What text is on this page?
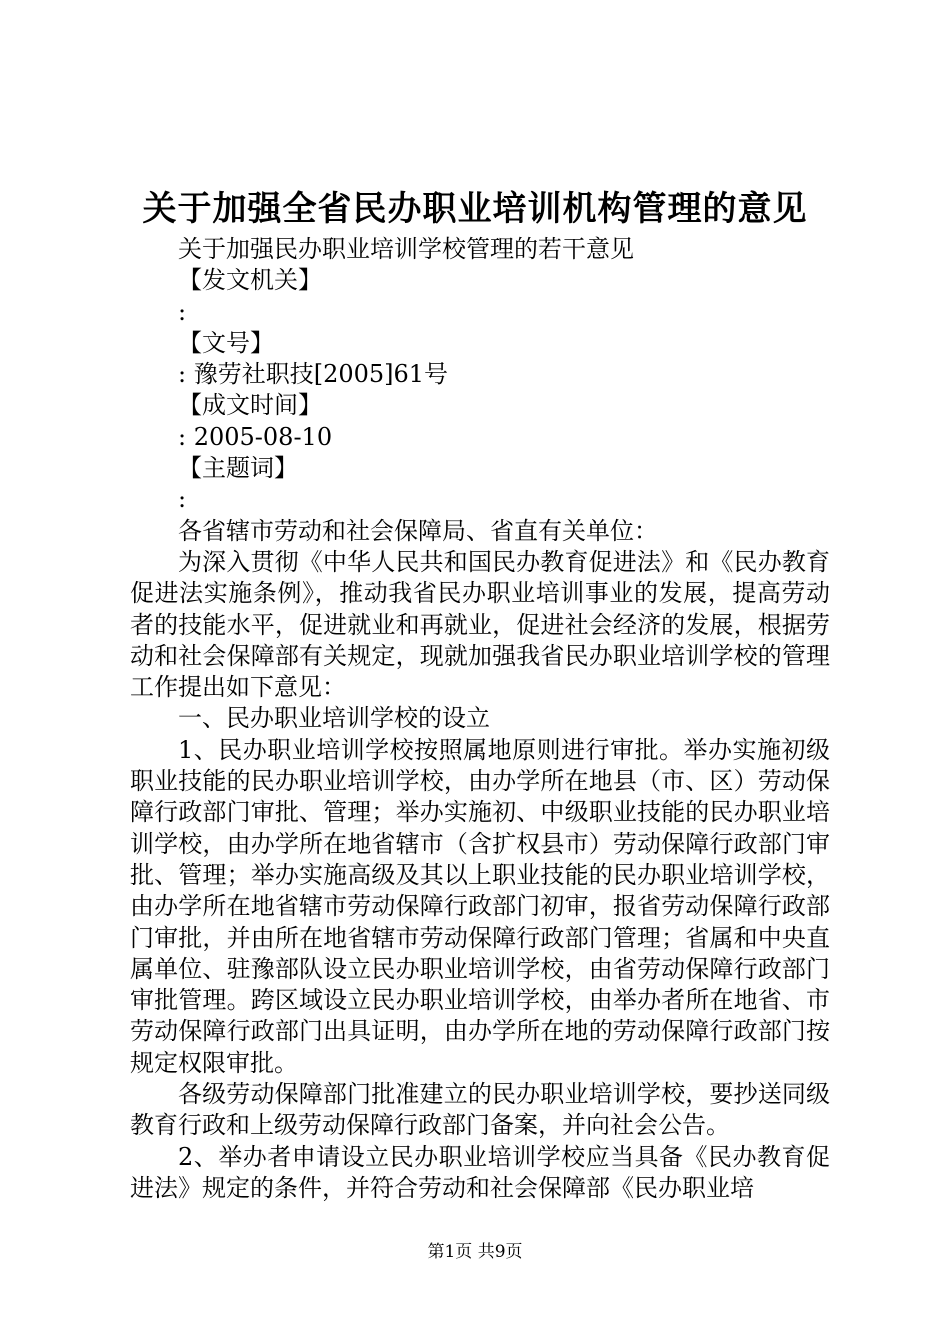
关于加强全省民办职业培训机构管理的意见

关于加强民办职业培训学校管理的若干意见

【发文机关】

:

【文号】

: 豫劳社职技[2005]61号

【成文时间】

: 2005-08-10

【主题词】

:

各省辖市劳动和社会保障局、省直有关单位：

为深入贯彻《中华人民共和国民办教育促进法》和《民办教育促进法实施条例》，推动我省民办职业培训事业的发展，提高劳动者的技能水平，促进就业和再就业，促进社会经济的发展，根据劳动和社会保障部有关规定，现就加强我省民办职业培训学校的管理工作提出如下意见：

一、民办职业培训学校的设立

1、民办职业培训学校按照属地原则进行审批。举办实施初级职业技能的民办职业培训学校，由办学所在地县（市、区）劳动保障行政部门审批、管理；举办实施初、中级职业技能的民办职业培训学校，由办学所在地省辖市（含扩权县市）劳动保障行政部门审批、管理；举办实施高级及其以上职业技能的民办职业培训学校，由办学所在地省辖市劳动保障行政部门初审，报省劳动保障行政部门审批，并由所在地省辖市劳动保障行政部门管理；省属和中央直属单位、驻豫部队设立民办职业培训学校，由省劳动保障行政部门审批管理。跨区域设立民办职业培训学校，由举办者所在地省、市劳动保障行政部门出具证明，由办学所在地的劳动保障行政部门按规定权限审批。

各级劳动保障部门批准建立的民办职业培训学校，要抄送同级教育行政和上级劳动保障行政部门备案，并向社会公告。

2、举办者申请设立民办职业培训学校应当具备《民办教育促进法》规定的条件，并符合劳动和社会保障部《民办职业培

第1页 共9页
